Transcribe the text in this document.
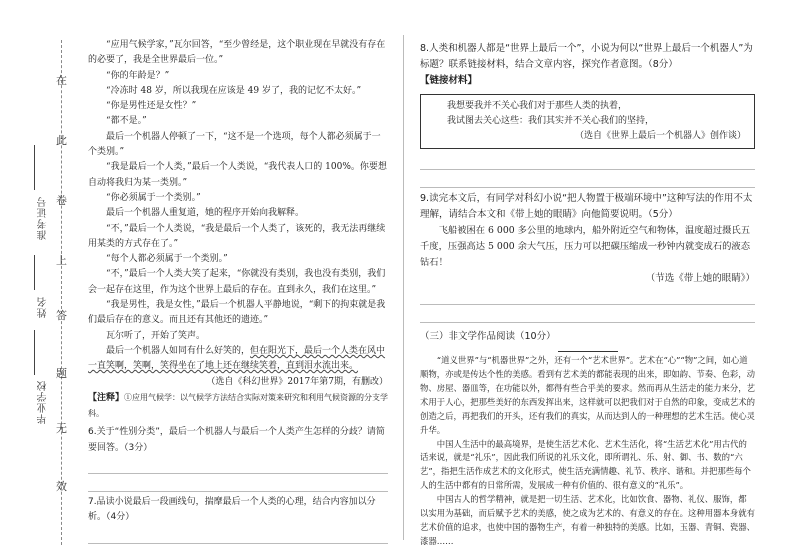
在
此
卷
上
答
题
无
效
准考证号
姓名
毕业学校

“应用气候学家，”瓦尔回答，“至少曾经是，这个职业现在早就没有存在的必要了，我是全世界最后一位。”

“你的年龄是？”

“冷冻时 48 岁，所以我现在应该是 49 岁了，我的记忆不太好。”

“你是男性还是女性？”

“都不是。”

最后一个机器人停顿了一下，“这不是一个选项，每个人都必须属于一个类别。”

“我是最后一个人类，”最后一个人类说，“我代表人口的 100%。你要想自动将我归为某一类别。”

“你必须属于一个类别。”

最后一个机器人重复道，她的程序开始向我解释。

“不，”最后一个人类说，“我是最后一个人类了，该死的，我无法再继续用某类的方式存在了。”

“每个人都必须属于一个类别。”

“不，”最后一个人类大笑了起来，“你就没有类别，我也没有类别，我们会一起存在这里，作为这个世界上最后的存在。直到永久，我们在这里。”

“我是男性，我是女性，”最后一个机器人平静地说，“剩下的拘束就是我们最后存在的意义。而且还有其他还的遗迹。”

瓦尔听了，开始了笑声。

最后一个机器人如同有什么好笑的，但在阳光下，最后一个人类在风中一直笑啊，笑啊，笑得坐在了地上还在继续笑着，直到泪水流出来。

（选自《科幻世界》2017年第7期，有删改）

【注释】①应用气候学：以气候学方法结合实际对策来研究和利用气候资源的分支学科。

6.关于“性别分类”，最后一个机器人与最后一个人类产生怎样的分歧？请简要回答。（3分）

7.品读小说最后一段画线句，揣摩最后一个人类的心理，结合内容加以分析。（4分）

8.人类和机器人都是“世界上最后一个”，小说为何以“世界上最后一个机器人”为标题？联系链接材料，结合文章内容，探究作者意图。（8分）

【链接材料】

我想要我并不关心我们对于那些人类的执着，

我试图去关心这些：我们其实并不关心我们的坚持，

（选自《世界上最后一个机器人》创作谈）

9.读完本文后，有同学对科幻小说“把人物置于极端环境中”这种写法的作用不太理解，请结合本文和《带上她的眼睛》向他简要说明。（5分）

飞船被困在 6 000 多公里的地球内，船外附近空气和物体，温度超过摄氏五千度，压强高达 5 000 余大气压，压力可以把碳压缩成一秒钟内就变成石的液态钻石！

（节选《带上她的眼睛》）

（三）非文学作品阅读（10分）

“道义世界”与“机器世界”之外，还有一个“艺术世界”。艺术在“心”“物”之间，如心道顺物，亦或是传达个性的美感。看到有艺术美的都能表现的出来，即如韵、节奏、色彩，动物、房屋、器皿等，在功能以外，都得有些合乎美的要求。然而再从生活走的能力来分，艺术用于人心，把那些美好的东西发挥出来，这样就可以把我们对于自然的印象，变成艺术的创造之后，再把我们的开头，还有我们的真实，从而达到人的一种理想的艺术生活。使心灵升华。

中国人生活中的最高境界，是使生活艺术化、艺术生活化，将“生活艺术化”用古代的话来说，就是“礼乐”，因此我们所说的礼乐文化，即所谓礼、乐、射、御、书、数的“六艺”，指把生活作成艺术的文化形式，使生活充满情趣、礼节、秩序、谐和。并把那些每个人的生活中都有的日常所需，发展成一种有价值的、很有意义的“礼乐”。

中国古人的哲学精神，就是把一切生活、艺术化，比如饮食、器物、礼仪、服饰，都以实用为基础，而后赋予艺术的美感，使之成为艺术的、有意义的存在。这种用器本身就有艺术价值的追求，也使中国的器物生产，有着一种独特的美感。比如，玉器、青铜、瓷器、漆器……
